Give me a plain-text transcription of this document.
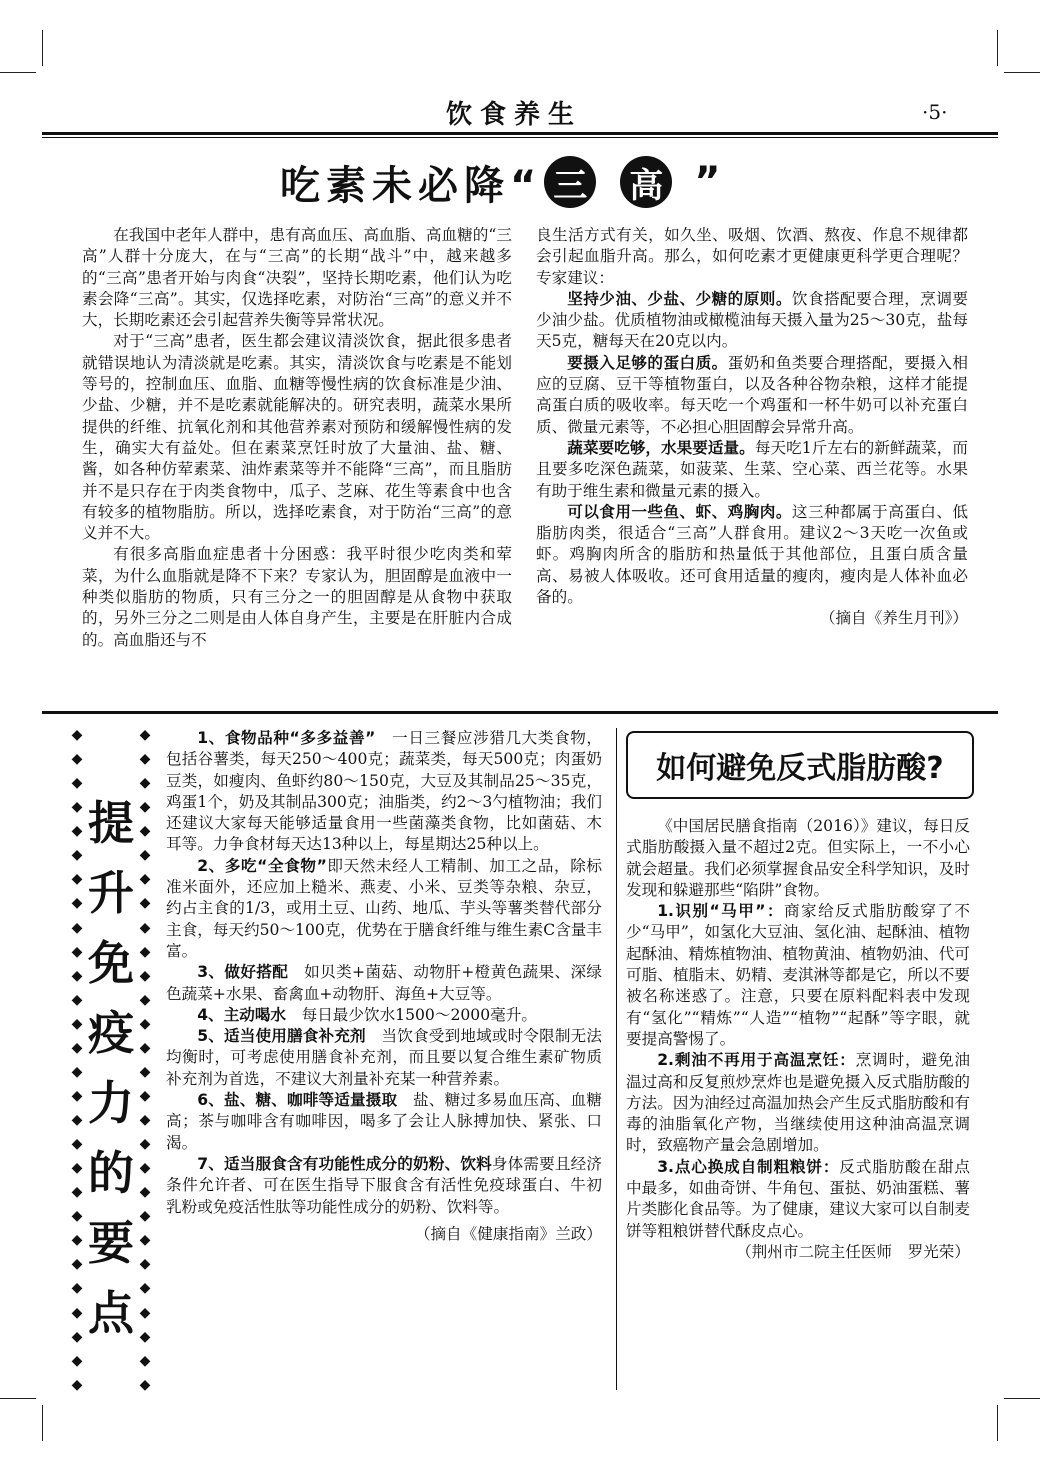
饮食养生	·5·
吃素未必降“ 三 高 ”

在我国中老年人群中，患有高血压、高血脂、高血糖的“三高”人群十分庞大，在与“三高”的长期“战斗”中，越来越多的“三高”患者开始与肉食“决裂”，坚持长期吃素，他们认为吃素会降“三高”。其实，仅选择吃素，对防治“三高”的意义并不大，长期吃素还会引起营养失衡等异常状况。

对于“三高”患者，医生都会建议清淡饮食，据此很多患者就错误地认为清淡就是吃素。其实，清淡饮食与吃素是不能划等号的，控制血压、血脂、血糖等慢性病的饮食标准是少油、少盐、少糖，并不是吃素就能解决的。研究表明，蔬菜水果所提供的纤维、抗氧化剂和其他营养素对预防和缓解慢性病的发生，确实大有益处。但在素菜烹饪时放了大量油、盐、糖、酱，如各种仿荤素菜、油炸素菜等并不能降“三高”，而且脂肪并不是只存在于肉类食物中，瓜子、芝麻、花生等素食中也含有较多的植物脂肪。所以，选择吃素食，对于防治“三高”的意义并不大。

有很多高脂血症患者十分困惑：我平时很少吃肉类和荤菜，为什么血脂就是降不下来？专家认为，胆固醇是血液中一种类似脂肪的物质，只有三分之一的胆固醇是从食物中获取的，另外三分之二则是由人体自身产生，主要是在肝脏内合成的。高血脂还与不

良生活方式有关，如久坐、吸烟、饮酒、熬夜、作息不规律都会引起血脂升高。那么，如何吃素才更健康更科学更合理呢？专家建议：

坚持少油、少盐、少糖的原则。饮食搭配要合理，烹调要少油少盐。优质植物油或橄榄油每天摄入量为25～30克，盐每天5克，糖每天在20克以内。

要摄入足够的蛋白质。蛋奶和鱼类要合理搭配，要摄入相应的豆腐、豆干等植物蛋白，以及各种谷物杂粮，这样才能提高蛋白质的吸收率。每天吃一个鸡蛋和一杯牛奶可以补充蛋白质、微量元素等，不必担心胆固醇会异常升高。

蔬菜要吃够，水果要适量。每天吃1斤左右的新鲜蔬菜，而且要多吃深色蔬菜，如菠菜、生菜、空心菜、西兰花等。水果有助于维生素和微量元素的摄入。

可以食用一些鱼、虾、鸡胸肉。这三种都属于高蛋白、低脂肪肉类，很适合“三高”人群食用。建议2～3天吃一次鱼或虾。鸡胸肉所含的脂肪和热量低于其他部位，且蛋白质含量高、易被人体吸收。还可食用适量的瘦肉，瘦肉是人体补血必备的。

（摘自《养生月刊》）

◆
◆
◆
◆
◆
◆
◆
◆
◆
◆
◆
◆
◆
◆
◆
◆
◆
◆
◆
◆
◆
◆
◆
◆
◆
◆
◆
◆
提
升
免
疫
力
的
要
点
◆
◆
◆
◆
◆
◆
◆
◆
◆
◆
◆
◆
◆
◆
◆
◆
◆
◆
◆
◆
◆
◆
◆
◆
◆
◆
◆
◆

1、食物品种“多多益善”　一日三餐应涉猎几大类食物，包括谷薯类，每天250～400克；蔬菜类，每天500克；肉蛋奶豆类，如瘦肉、鱼虾约80～150克，大豆及其制品25～35克，鸡蛋1个，奶及其制品300克；油脂类，约2～3勺植物油；我们还建议大家每天能够适量食用一些菌藻类食物，比如菌菇、木耳等。力争食材每天达13种以上，每星期达25种以上。

2、多吃“全食物”即天然未经人工精制、加工之品，除标准米面外，还应加上糙米、燕麦、小米、豆类等杂粮、杂豆，约占主食的1/3，或用土豆、山药、地瓜、芋头等薯类替代部分主食，每天约50～100克，优势在于膳食纤维与维生素C含量丰富。

3、做好搭配　如贝类+菌菇、动物肝+橙黄色蔬果、深绿色蔬菜+水果、畜禽血+动物肝、海鱼+大豆等。

4、主动喝水　每日最少饮水1500～2000毫升。

5、适当使用膳食补充剂　当饮食受到地域或时令限制无法均衡时，可考虑使用膳食补充剂，而且要以复合维生素矿物质补充剂为首选，不建议大剂量补充某一种营养素。

6、盐、糖、咖啡等适量摄取　盐、糖过多易血压高、血糖高；茶与咖啡含有咖啡因，喝多了会让人脉搏加快、紧张、口渴。

7、适当服食含有功能性成分的奶粉、饮料身体需要且经济条件允许者、可在医生指导下服食含有活性免疫球蛋白、牛初乳粉或免疫活性肽等功能性成分的奶粉、饮料等。

（摘自《健康指南》兰政）

如何避免反式脂肪酸?

《中国居民膳食指南（2016）》建议，每日反式脂肪酸摄入量不超过2克。但实际上，一不小心就会超量。我们必须掌握食品安全科学知识，及时发现和躲避那些“陷阱”食物。

1.识别“马甲”：商家给反式脂肪酸穿了不少“马甲”，如氢化大豆油、氢化油、起酥油、植物起酥油、精炼植物油、植物黄油、植物奶油、代可可脂、植脂末、奶精、麦淇淋等都是它，所以不要被名称迷惑了。注意，只要在原料配料表中发现有“氢化”“精炼”“人造”“植物”“起酥”等字眼，就要提高警惕了。

2.剩油不再用于高温烹饪：烹调时，避免油温过高和反复煎炒烹炸也是避免摄入反式脂肪酸的方法。因为油经过高温加热会产生反式脂肪酸和有毒的油脂氧化产物，当继续使用这种油高温烹调时，致癌物产量会急剧增加。

3.点心换成自制粗粮饼：反式脂肪酸在甜点中最多，如曲奇饼、牛角包、蛋挞、奶油蛋糕、薯片类膨化食品等。为了健康，建议大家可以自制麦饼等粗粮饼替代酥皮点心。

（荆州市二院主任医师　罗光荣）
